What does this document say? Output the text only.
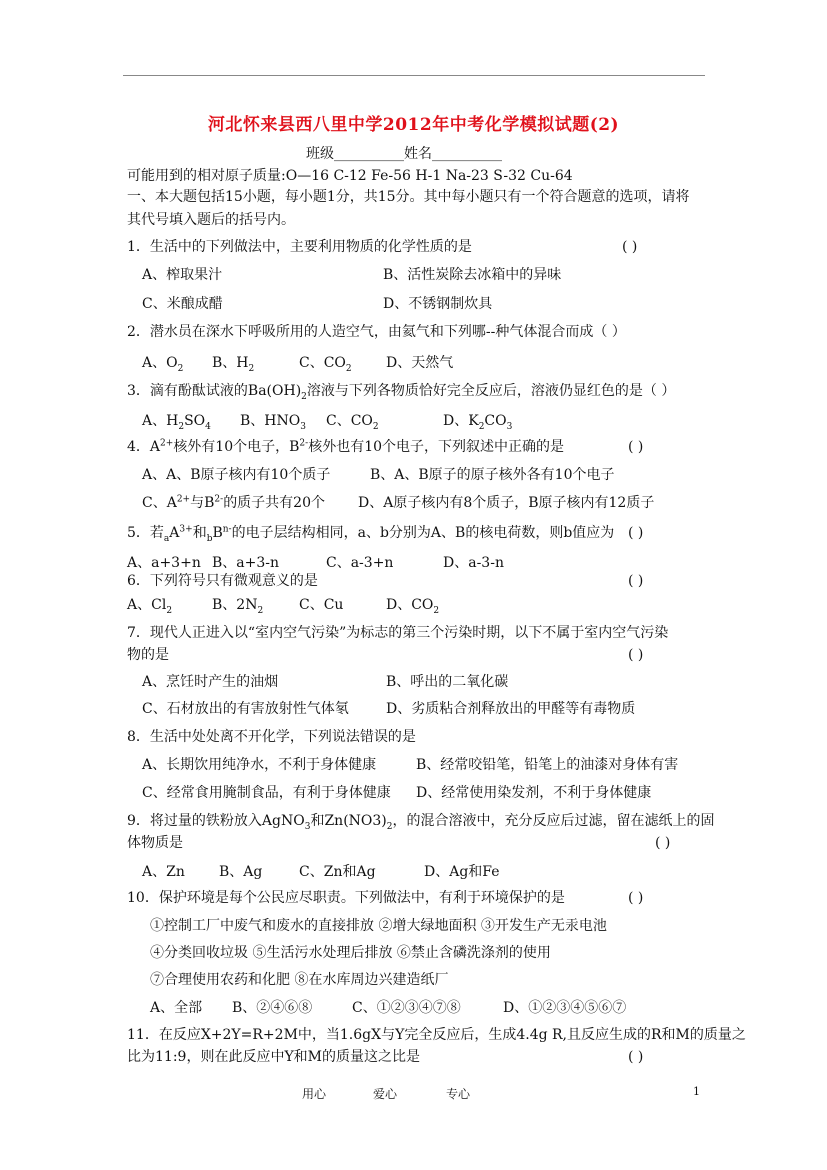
河北怀来县西八里中学2012年中考化学模拟试题(2)
班级__________姓名__________
可能用到的相对原子质量:O—16 C-12 Fe-56 H-1 Na-23 S-32 Cu-64
一、本大题包括15小题，每小题1分，共15分。其中每小题只有一个符合题意的选项，请将
其代号填入题后的括号内。
1．生活中的下列做法中，主要利用物质的化学性质的是	( )
A、榨取果汁	B、活性炭除去冰箱中的异味
C、米酿成醋	D、不锈钢制炊具
2．潜水员在深水下呼吸所用的人造空气，由氦气和下列哪--种气体混合而成（ ）
A、$O_2$ B、$H_2$	C、$CO_2$ D、天然气
3．滴有酚酞试液的$Ba(OH)_2$溶液与下列各物质恰好完全反应后，溶液仍显红色的是（ ）
A、$H_2SO_4$ B、$HNO_3$ C、$CO_2$	D、$K_2CO_3$
4．$A^{2+}$核外有10个电子，$B^{2-}$核外也有10个电子，下列叙述中正确的是	( )
A、A、B原子核内有10个质子	B、A、B原子的原子核外各有10个电子
C、$A^{2+}$与$B^{2-}$的质子共有20个 D、A原子核内有8个质子，B原子核内有12质子
5．若$_aA^{3+}$和$_bB^{n-}$的电子层结构相同，a、b分别为A、B的核电荷数，则b值应为 ( )
A、a+3+n B、a+3-n	C、a-3+n	D、a-3-n
6．下列符号只有微观意义的是	( )
A、$Cl_2$	B、$2N_2$	C、Cu	D、$CO_2$
7．现代人正进入以“室内空气污染”为标志的第三个污染时期，以下不属于室内空气污染
物的是	( )
A、烹饪时产生的油烟	B、呼出的二氧化碳
C、石材放出的有害放射性气体氡	D、劣质粘合剂释放出的甲醛等有毒物质
8．生活中处处离不开化学，下列说法错误的是
A、长期饮用纯净水，不利于身体健康	B、经常咬铅笔，铅笔上的油漆对身体有害
C、经常食用腌制食品，有利于身体健康 D、经常使用染发剂，不利于身体健康
9．将过量的铁粉放入AgNO$_3$和$Zn(NO3)_2$，的混合溶液中，充分反应后过滤，留在滤纸上的固
体物质是	( )
A、Zn B、Ag	C、Zn和Ag	D、Ag和Fe
10．保护环境是每个公民应尽职责。下列做法中，有利于环境保护的是	( )
①控制工厂中废气和废水的直接排放 ②增大绿地面积 ③开发生产无汞电池
④分类回收垃圾 ⑤生活污水处理后排放 ⑥禁止含磷洗涤剂的使用
⑦合理使用农药和化肥 ⑧在水库周边兴建造纸厂
A、全部 B、②④⑥⑧	C、①②③④⑦⑧	D、①②③④⑤⑥⑦
11．在反应X+2Y=R+2M中，当1.6gX与Y完全反应后，生成4.4g R,且反应生成的R和M的质量之
比为11:9，则在此反应中Y和M的质量这之比是	( )
用心	爱心	专心	1
